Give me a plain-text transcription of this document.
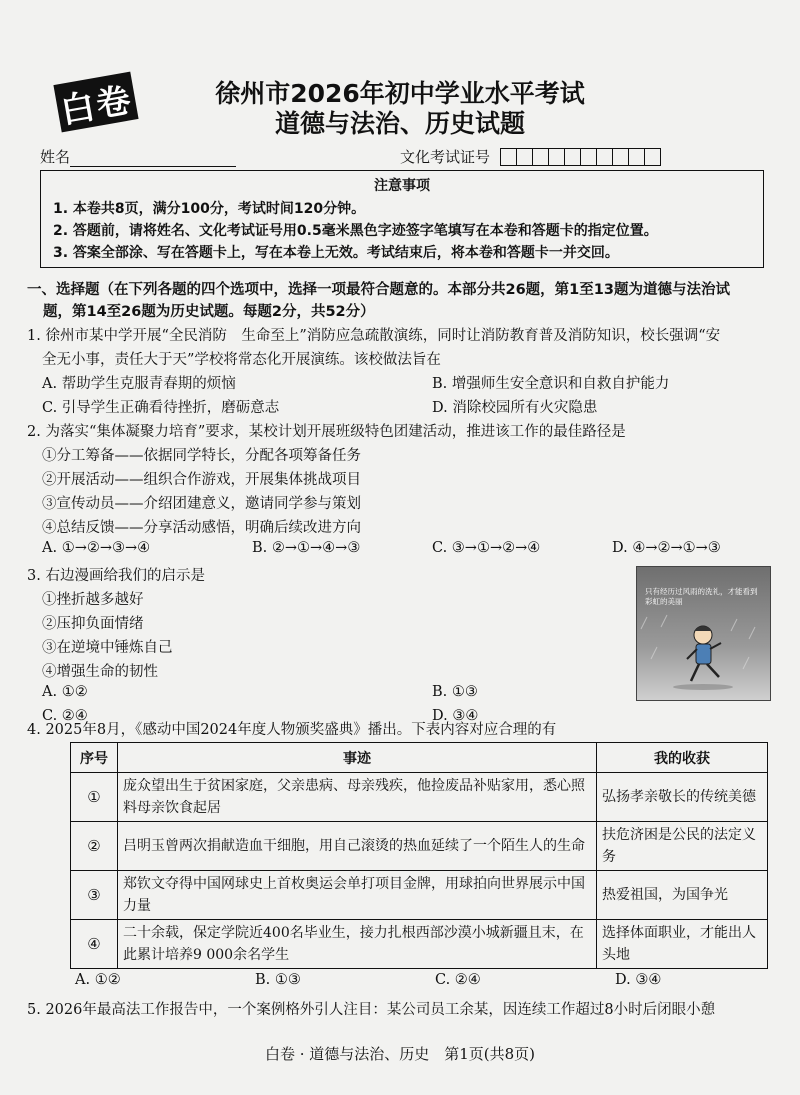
白卷	徐州市2026年初中学业水平考试
道德与法治、历史试题
姓名	文化考试证号
注意事项
1. 本卷共8页，满分100分，考试时间120分钟。
2. 答题前，请将姓名、文化考试证号用0.5毫米黑色字迹签字笔填写在本卷和答题卡的指定位置。
3. 答案全部涂、写在答题卡上，写在本卷上无效。考试结束后，将本卷和答题卡一并交回。
一、选择题（在下列各题的四个选项中，选择一项最符合题意的。本部分共26题，第1至13题为道德与法治试
题，第14至26题为历史试题。每题2分，共52分）
1. 徐州市某中学开展“全民消防　生命至上”消防应急疏散演练，同时让消防教育普及消防知识，校长强调“安
全无小事，责任大于天”学校将常态化开展演练。该校做法旨在
A. 帮助学生克服青春期的烦恼	B. 增强师生安全意识和自救自护能力
C. 引导学生正确看待挫折，磨砺意志	D. 消除校园所有火灾隐患
2. 为落实“集体凝聚力培育”要求，某校计划开展班级特色团建活动，推进该工作的最佳路径是
①分工筹备——依据同学特长，分配各项筹备任务
②开展活动——组织合作游戏，开展集体挑战项目
③宣传动员——介绍团建意义，邀请同学参与策划
④总结反馈——分享活动感悟，明确后续改进方向
A. ①→②→③→④	B. ②→①→④→③	C. ③→①→②→④	D. ④→②→①→③
3. 右边漫画给我们的启示是
①挫折越多越好
②压抑负面情绪
③在逆境中锤炼自己
④增强生命的韧性
A. ①②	B. ①③
C. ②④	D. ③④
只有经历过风雨的洗礼，才能看到彩虹的美丽
4. 2025年8月，《感动中国2024年度人物颁奖盛典》播出。下表内容对应合理的有
序号	事迹	我的收获
①	庞众望出生于贫困家庭，父亲患病、母亲残疾，他捡废品补贴家用，悉心照料母亲饮食起居	弘扬孝亲敬长的传统美德
②	吕明玉曾两次捐献造血干细胞，用自己滚烫的热血延续了一个陌生人的生命	扶危济困是公民的法定义务
③	郑钦文夺得中国网球史上首枚奥运会单打项目金牌，用球拍向世界展示中国力量	热爱祖国，为国争光
④	二十余载，保定学院近400名毕业生，接力扎根西部沙漠小城新疆且末，在此累计培养9 000余名学生	选择体面职业，才能出人头地
A. ①②	B. ①③	C. ②④	D. ③④
5. 2026年最高法工作报告中，一个案例格外引人注目：某公司员工余某，因连续工作超过8小时后闭眼小憩
白卷 · 道德与法治、历史　第1页(共8页)
